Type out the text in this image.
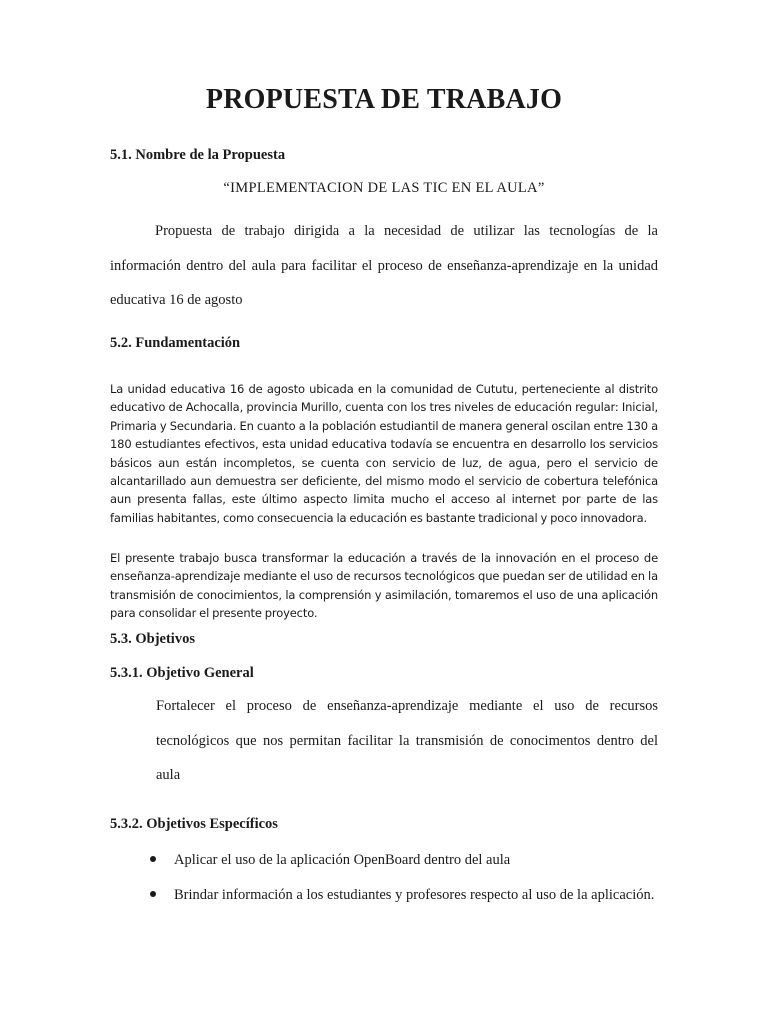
PROPUESTA DE TRABAJO
5.1. Nombre de la Propuesta
“IMPLEMENTACION DE LAS TIC EN EL AULA”
Propuesta de trabajo dirigida a la necesidad de utilizar las tecnologías de la información dentro del aula para facilitar el proceso de enseñanza-aprendizaje en la unidad educativa 16 de agosto
5.2. Fundamentación
La unidad educativa 16 de agosto ubicada en la comunidad de Cututu, perteneciente al distrito educativo de Achocalla, provincia Murillo, cuenta con los tres niveles de educación regular: Inicial, Primaria y Secundaria. En cuanto a la población estudiantil de manera general oscilan entre 130 a 180 estudiantes efectivos, esta unidad educativa todavía se encuentra en desarrollo los servicios básicos aun están incompletos, se cuenta con servicio de luz, de agua, pero el servicio de alcantarillado aun demuestra ser deficiente, del mismo modo el servicio de cobertura telefónica aun presenta fallas, este último aspecto limita mucho el acceso al internet por parte de las familias habitantes, como consecuencia la educación es bastante tradicional y poco innovadora.
El presente trabajo busca transformar la educación a través de la innovación en el proceso de enseñanza-aprendizaje mediante el uso de recursos tecnológicos que puedan ser de utilidad en la transmisión de conocimientos, la comprensión y asimilación, tomaremos el uso de una aplicación para consolidar el presente proyecto.
5.3. Objetivos
5.3.1. Objetivo General
Fortalecer el proceso de enseñanza-aprendizaje mediante el uso de recursos tecnológicos que nos permitan facilitar la transmisión de conocimentos dentro del aula
5.3.2. Objetivos Específicos
Aplicar el uso de la aplicación OpenBoard dentro del aula
Brindar información a los estudiantes y profesores respecto al uso de la aplicación.
